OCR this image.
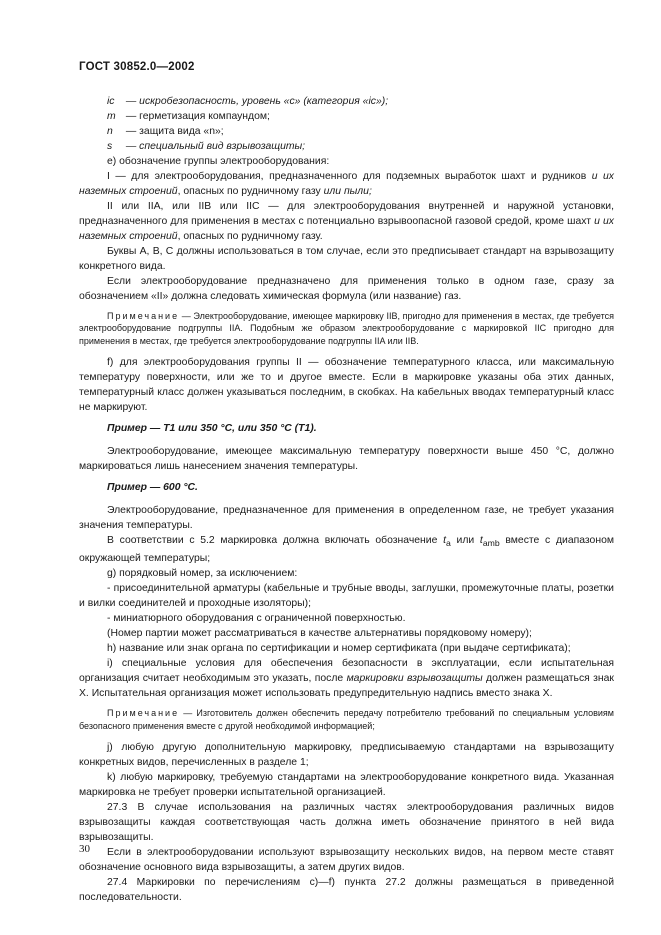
ГОСТ 30852.0—2002

ic — искробезопасность, уровень «с» (категория «ic»);

m — герметизация компаундом;

n — защита вида «n»;

s — специальный вид взрывозащиты;

e) обозначение группы электрооборудования:

I — для электрооборудования, предназначенного для подземных выработок шахт и рудников и их наземных строений, опасных по рудничному газу или пыли;

II или IIA, или IIB или IIC — для электрооборудования внутренней и наружной установки, предназначенного для применения в местах с потенциально взрывоопасной газовой средой, кроме шахт и их наземных строений, опасных по рудничному газу.

Буквы А, В, С должны использоваться в том случае, если это предписывает стандарт на взрывозащиту конкретного вида.

Если электрооборудование предназначено для применения только в одном газе, сразу за обозначением «II» должна следовать химическая формула (или название) газ.

Примечание — Электрооборудование, имеющее маркировку IIB, пригодно для применения в местах, где требуется электрооборудование подгруппы IIA. Подобным же образом электрооборудование с маркировкой IIC пригодно для применения в местах, где требуется электрооборудование подгруппы IIA или IIB.

f) для электрооборудования группы II — обозначение температурного класса, или максимальную температуру поверхности, или же то и другое вместе. Если в маркировке указаны оба этих данных, температурный класс должен указываться последним, в скобках. На кабельных вводах температурный класс не маркируют.

Пример — Т1 или 350 °С, или 350 °С (Т1).

Электрооборудование, имеющее максимальную температуру поверхности выше 450 °С, должно маркироваться лишь нанесением значения температуры.

Пример — 600 °С.

Электрооборудование, предназначенное для применения в определенном газе, не требует указания значения температуры.

В соответствии с 5.2 маркировка должна включать обозначение $t_a$ или $t_{amb}$ вместе с диапазоном окружающей температуры;

g) порядковый номер, за исключением:

- присоединительной арматуры (кабельные и трубные вводы, заглушки, промежуточные платы, розетки и вилки соединителей и проходные изоляторы);

- миниатюрного оборудования с ограниченной поверхностью.

(Номер партии может рассматриваться в качестве альтернативы порядковому номеру);

h) название или знак органа по сертификации и номер сертификата (при выдаче сертификата);

i) специальные условия для обеспечения безопасности в эксплуатации, если испытательная организация считает необходимым это указать, после маркировки взрывозащиты должен размещаться знак Х. Испытательная организация может использовать предупредительную надпись вместо знака Х.

Примечание — Изготовитель должен обеспечить передачу потребителю требований по специальным условиям безопасного применения вместе с другой необходимой информацией;

j) любую другую дополнительную маркировку, предписываемую стандартами на взрывозащиту конкретных видов, перечисленных в разделе 1;

k) любую маркировку, требуемую стандартами на электрооборудование конкретного вида. Указанная маркировка не требует проверки испытательной организацией.

27.3 В случае использования на различных частях электрооборудования различных видов взрывозащиты каждая соответствующая часть должна иметь обозначение принятого в ней вида взрывозащиты.

Если в электрооборудовании используют взрывозащиту нескольких видов, на первом месте ставят обозначение основного вида взрывозащиты, а затем других видов.

27.4 Маркировки по перечислениям с)—f) пункта 27.2 должны размещаться в приведенной последовательности.

30
